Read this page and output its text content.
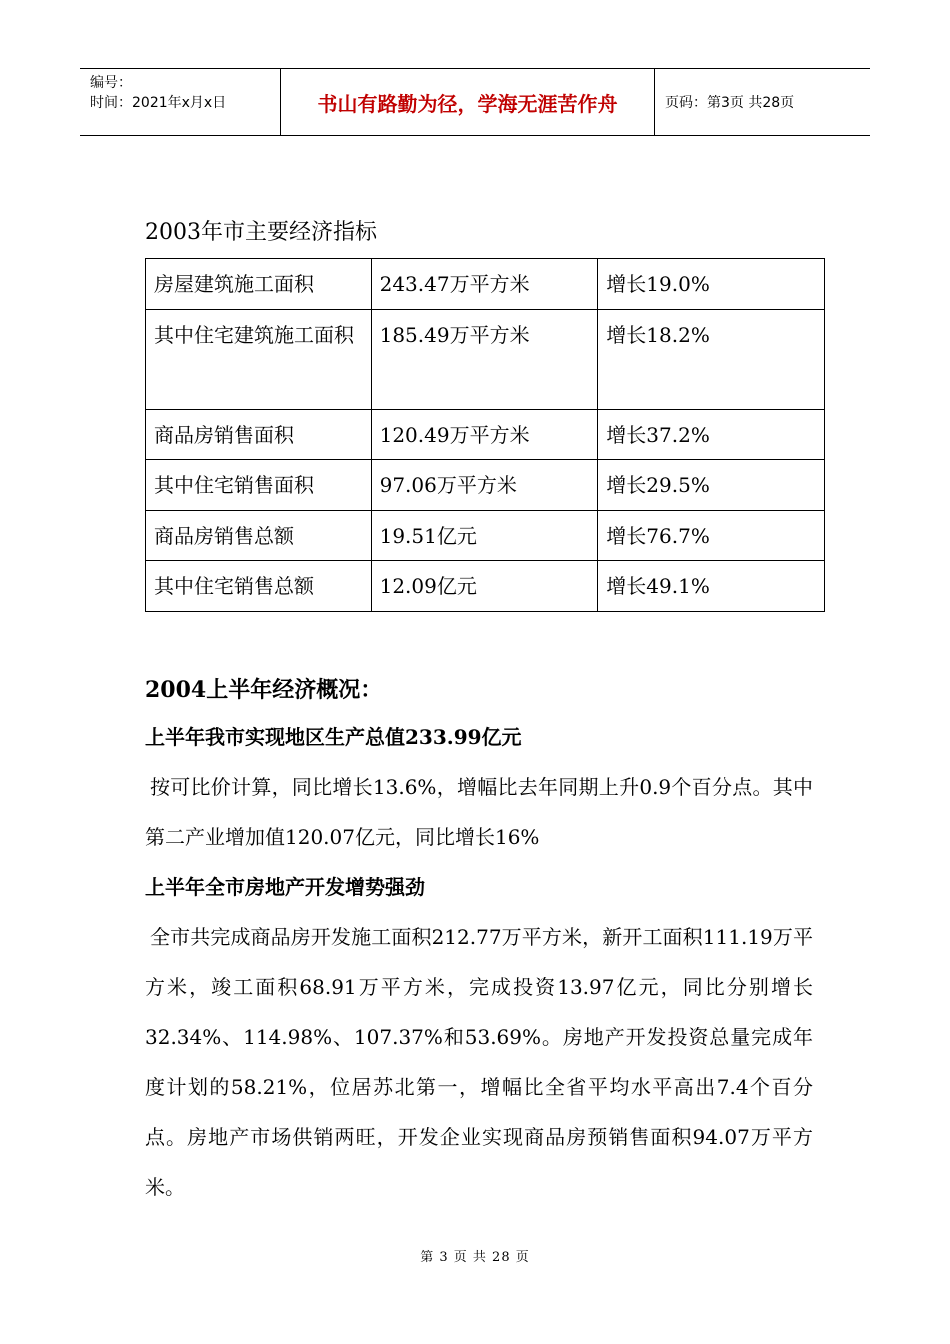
编号：
时间：2021年x月x日	书山有路勤为径，学海无涯苦作舟	页码：第3页 共28页
2003年市主要经济指标
房屋建筑施工面积	243.47万平方米	增长19.0%
其中住宅建筑施工面积	185.49万平方米	增长18.2%
商品房销售面积	120.49万平方米	增长37.2%
其中住宅销售面积	97.06万平方米	增长29.5%
商品房销售总额	19.51亿元	增长76.7%
其中住宅销售总额	12.09亿元	增长49.1%
2004上半年经济概况：
上半年我市实现地区生产总值233.99亿元
按可比价计算，同比增长13.6%，增幅比去年同期上升0.9个百分点。其中第二产业增加值120.07亿元，同比增长16%
上半年全市房地产开发增势强劲
全市共完成商品房开发施工面积212.77万平方米，新开工面积111.19万平方米，竣工面积68.91万平方米，完成投资13.97亿元，同比分别增长32.34%、114.98%、107.37%和53.69%。房地产开发投资总量完成年度计划的58.21%，位居苏北第一，增幅比全省平均水平高出7.4个百分点。房地产市场供销两旺，开发企业实现商品房预销售面积94.07万平方米。
第 3 页 共 28 页
